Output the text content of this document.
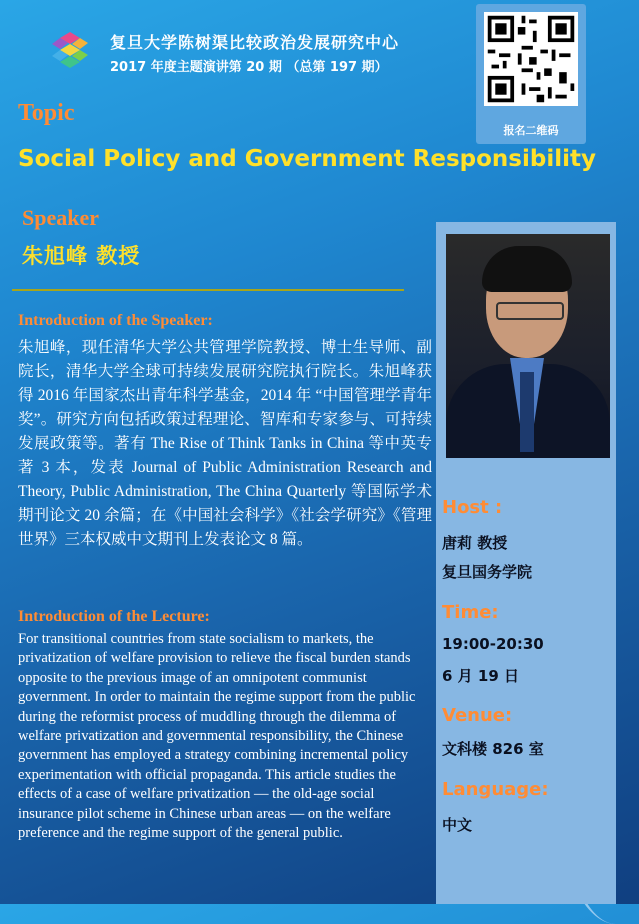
复旦大学陈树渠比较政治发展研究中心
2017 年度主题演讲第 20 期 （总第 197 期）
报名二维码
Topic
Social Policy and Government Responsibility
Speaker
朱旭峰 教授
Introduction of the Speaker:
朱旭峰，现任清华大学公共管理学院教授、博士生导师、副院长，清华大学全球可持续发展研究院执行院长。朱旭峰获得 2016 年国家杰出青年科学基金，2014 年 “中国管理学青年奖”。研究方向包括政策过程理论、智库和专家参与、可持续发展政策等。著有 The Rise of Think Tanks in China 等中英专著 3 本，发表 Journal of Public Administration Research and Theory, Public Administration, The China Quarterly 等国际学术期刊论文 20 余篇；在《中国社会科学》《社会学研究》《管理世界》三本权威中文期刊上发表论文 8 篇。
Introduction of the Lecture:
For transitional countries from state socialism to markets, the privatization of welfare provision to relieve the fiscal burden stands opposite to the previous image of an omnipotent communist government. In order to maintain the regime support from the public during the reformist process of muddling through the dilemma of welfare privatization and governmental responsibility, the Chinese government has employed a strategy combining incremental policy experimentation with official propaganda. This article studies the effects of a case of welfare privatization — the old-age social insurance pilot scheme in Chinese urban areas — on the welfare preference and the regime support of the general public.
Host :
唐莉 教授
复旦国务学院
Time:
19:00-20:30
6 月 19 日
Venue:
文科楼 826 室
Language:
中文
